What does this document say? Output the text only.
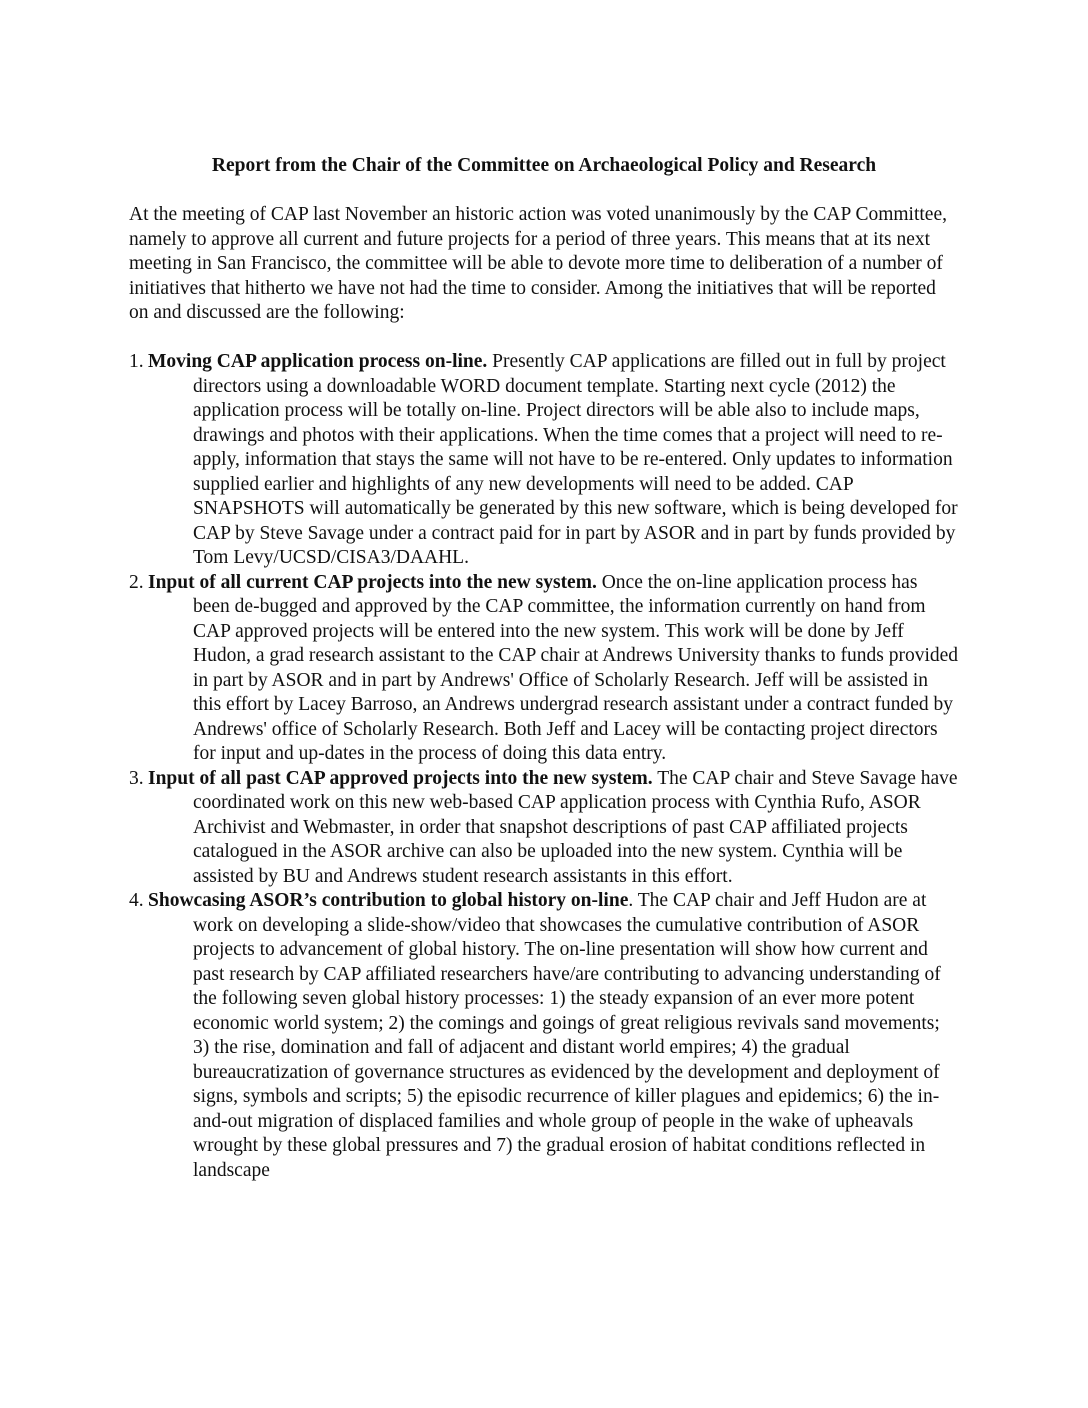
Report from the Chair of the Committee on Archaeological Policy and Research

At the meeting of CAP last November an historic action was voted unanimously by the CAP Committee, namely to approve all current and future projects for a period of three years. This means that at its next meeting in San Francisco, the committee will be able to devote more time to deliberation of a number of initiatives that hitherto we have not had the time to consider. Among the initiatives that will be reported on and discussed are the following:

1. Moving CAP application process on-line. Presently CAP applications are filled out in full by project directors using a downloadable WORD document template. Starting next cycle (2012) the application process will be totally on-line. Project directors will be able also to include maps, drawings and photos with their applications. When the time comes that a project will need to re-apply, information that stays the same will not have to be re-entered. Only updates to information supplied earlier and highlights of any new developments will need to be added. CAP SNAPSHOTS will automatically be generated by this new software, which is being developed for CAP by Steve Savage under a contract paid for in part by ASOR and in part by funds provided by Tom Levy/UCSD/CISA3/DAAHL.
2. Input of all current CAP projects into the new system. Once the on-line application process has been de-bugged and approved by the CAP committee, the information currently on hand from CAP approved projects will be entered into the new system. This work will be done by Jeff Hudon, a grad research assistant to the CAP chair at Andrews University thanks to funds provided in part by ASOR and in part by Andrews' Office of Scholarly Research. Jeff will be assisted in this effort by Lacey Barroso, an Andrews undergrad research assistant under a contract funded by Andrews' office of Scholarly Research. Both Jeff and Lacey will be contacting project directors for input and up-dates in the process of doing this data entry.
3. Input of all past CAP approved projects into the new system. The CAP chair and Steve Savage have coordinated work on this new web-based CAP application process with Cynthia Rufo, ASOR Archivist and Webmaster, in order that snapshot descriptions of past CAP affiliated projects catalogued in the ASOR archive can also be uploaded into the new system. Cynthia will be assisted by BU and Andrews student research assistants in this effort.
4. Showcasing ASOR’s contribution to global history on-line. The CAP chair and Jeff Hudon are at work on developing a slide-show/video that showcases the cumulative contribution of ASOR projects to advancement of global history. The on-line presentation will show how current and past research by CAP affiliated researchers have/are contributing to advancing understanding of the following seven global history processes: 1) the steady expansion of an ever more potent economic world system; 2) the comings and goings of great religious revivals sand movements; 3) the rise, domination and fall of adjacent and distant world empires; 4) the gradual bureaucratization of governance structures as evidenced by the development and deployment of signs, symbols and scripts; 5) the episodic recurrence of killer plagues and epidemics; 6) the in-and-out migration of displaced families and whole group of people in the wake of upheavals wrought by these global pressures and 7) the gradual erosion of habitat conditions reflected in landscape
